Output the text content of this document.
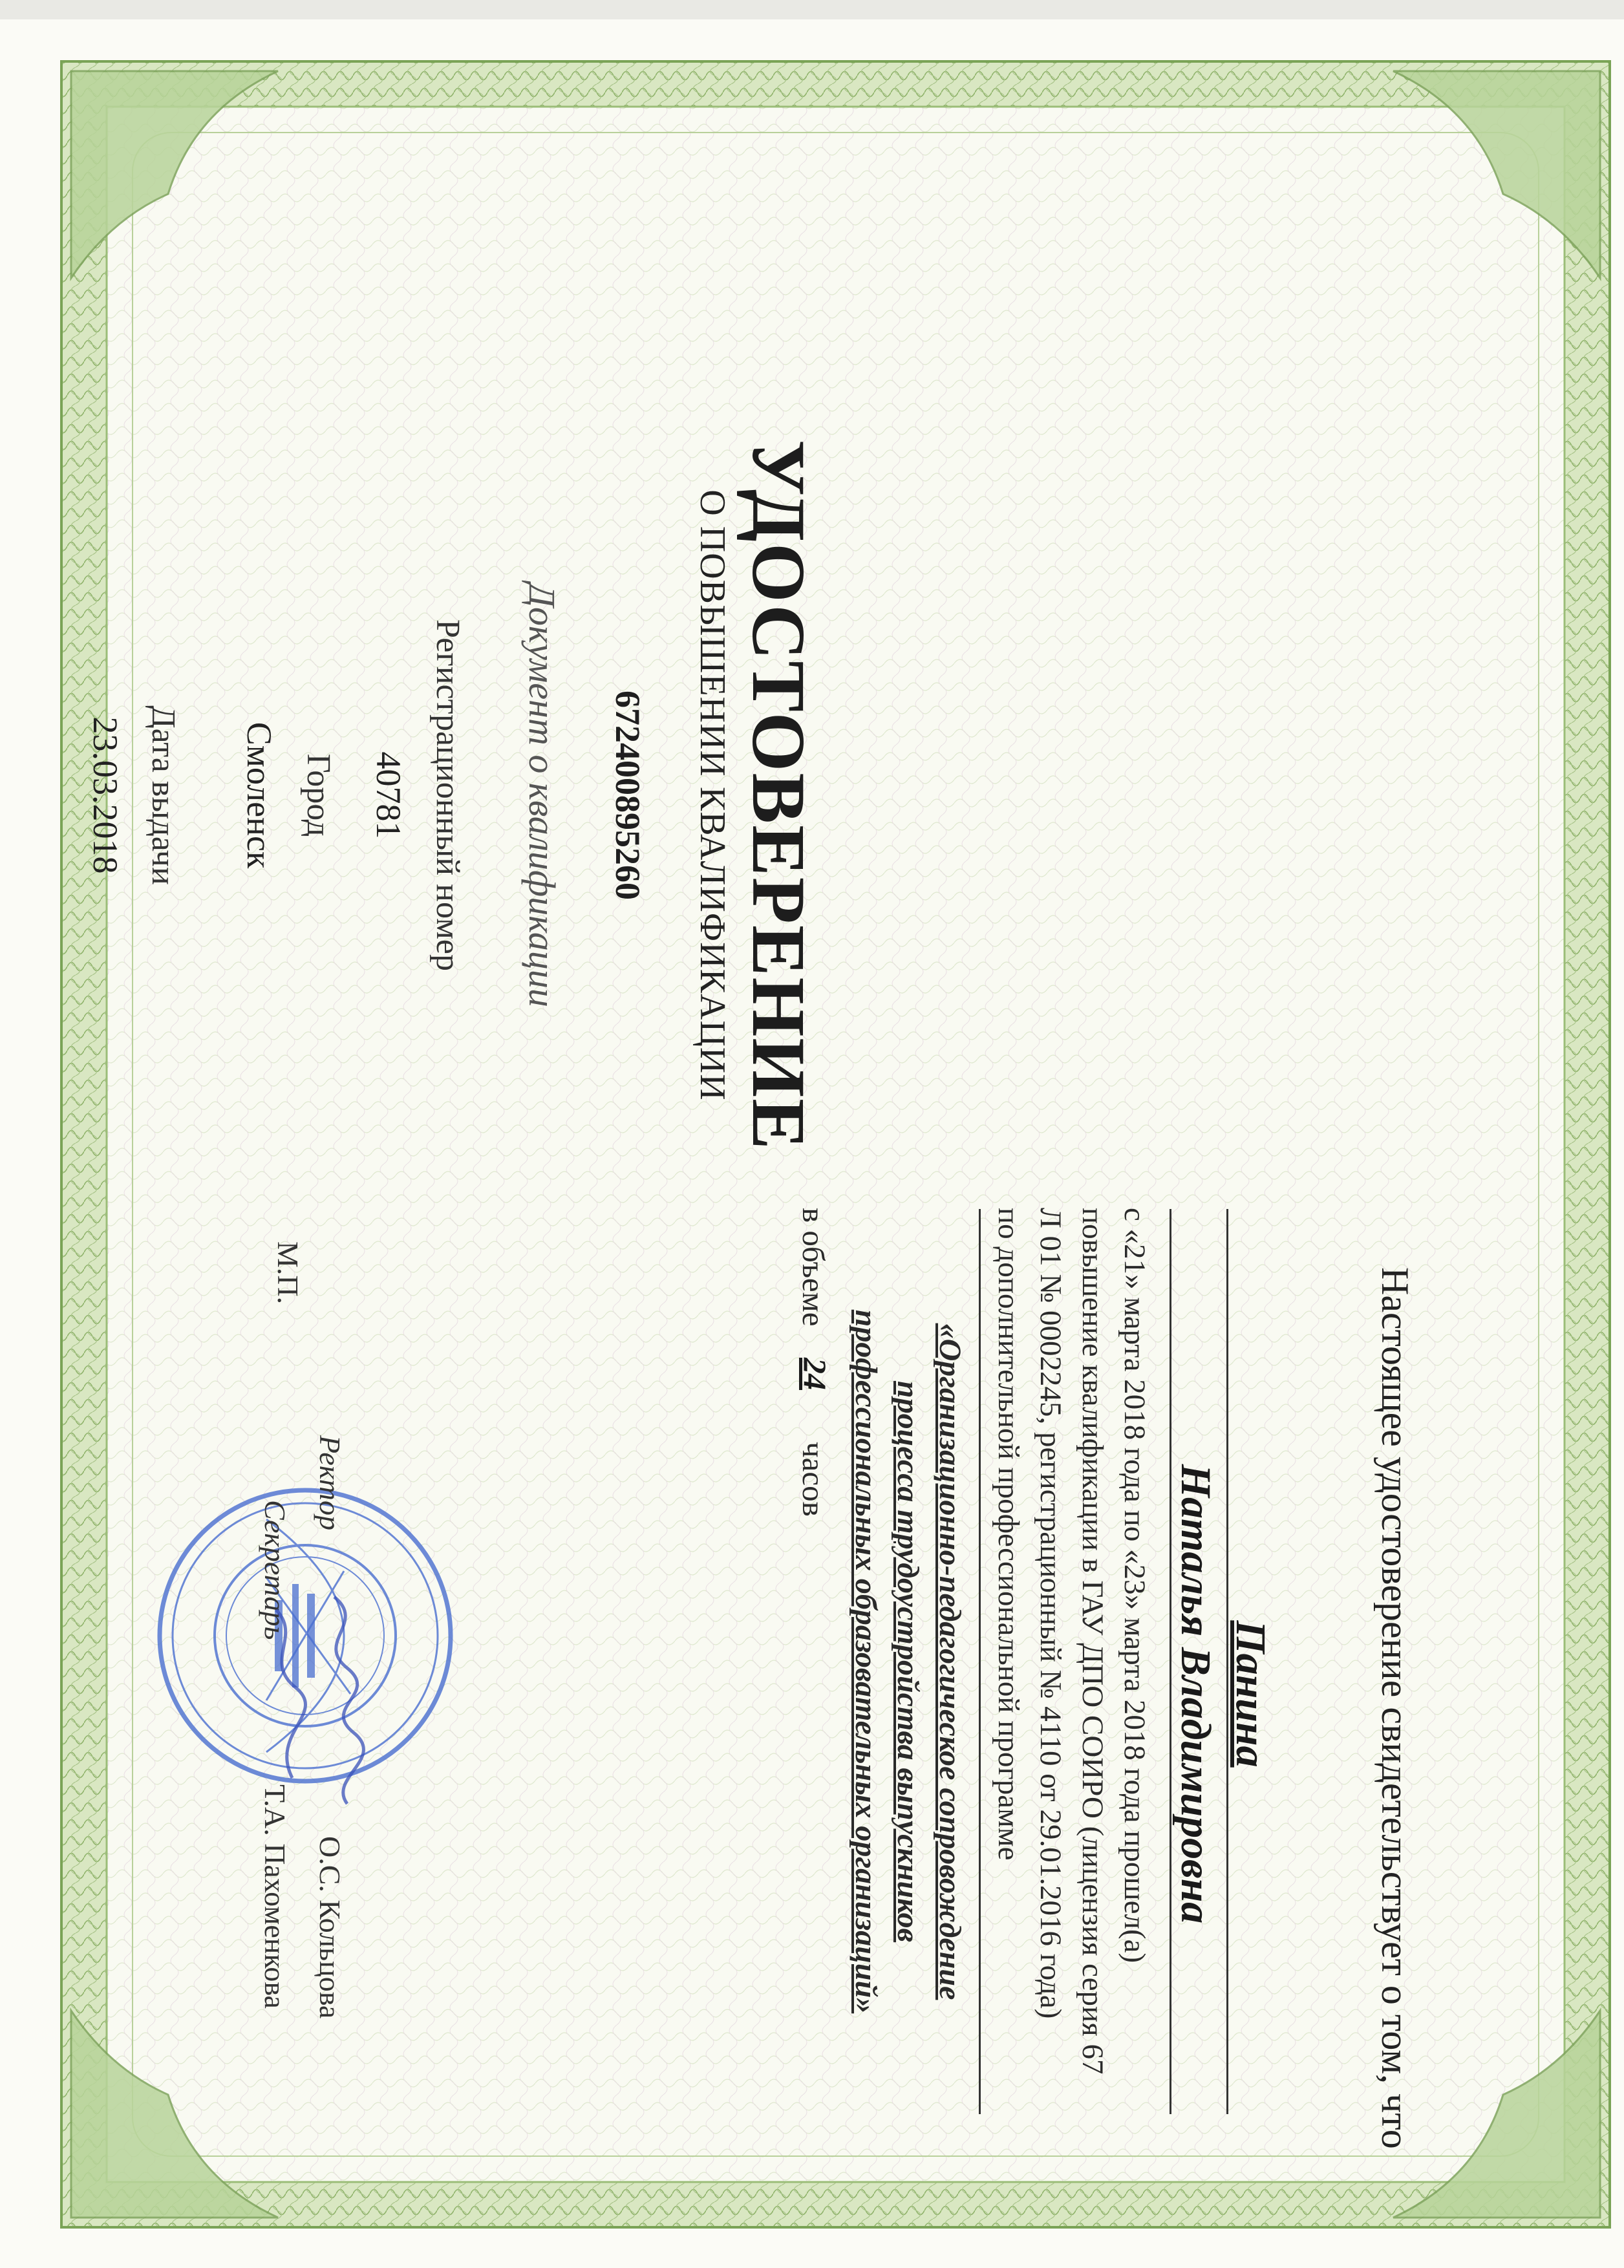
УДОСТОВЕРЕНИЕ
О ПОВЫШЕНИИ КВАЛИФИКАЦИИ
672400895260
Документ о квалификации
Регистрационный номер
40781
Город
Смоленск
Дата выдачи
23.03.2018
Настоящее удостоверение свидетельствует о том, что
Панина
Наталья Владимировна
с «21» марта 2018 года по «23» марта 2018 года прошел(а)
повышение квалификации в ГАУ ДПО СОИРО (лицензия серия 67
Л 01 № 0002245, регистрационный № 4110 от 29.01.2016 года)
по дополнительной профессиональной программе
«Организационно-педагогическое сопровождение
процесса трудоустройства выпускников
профессиональных образовательных организаций»
в объеме
24
часов
М.П.
Ректор
О.С. Кольцова
Секретарь
Т.А. Пахоменкова
